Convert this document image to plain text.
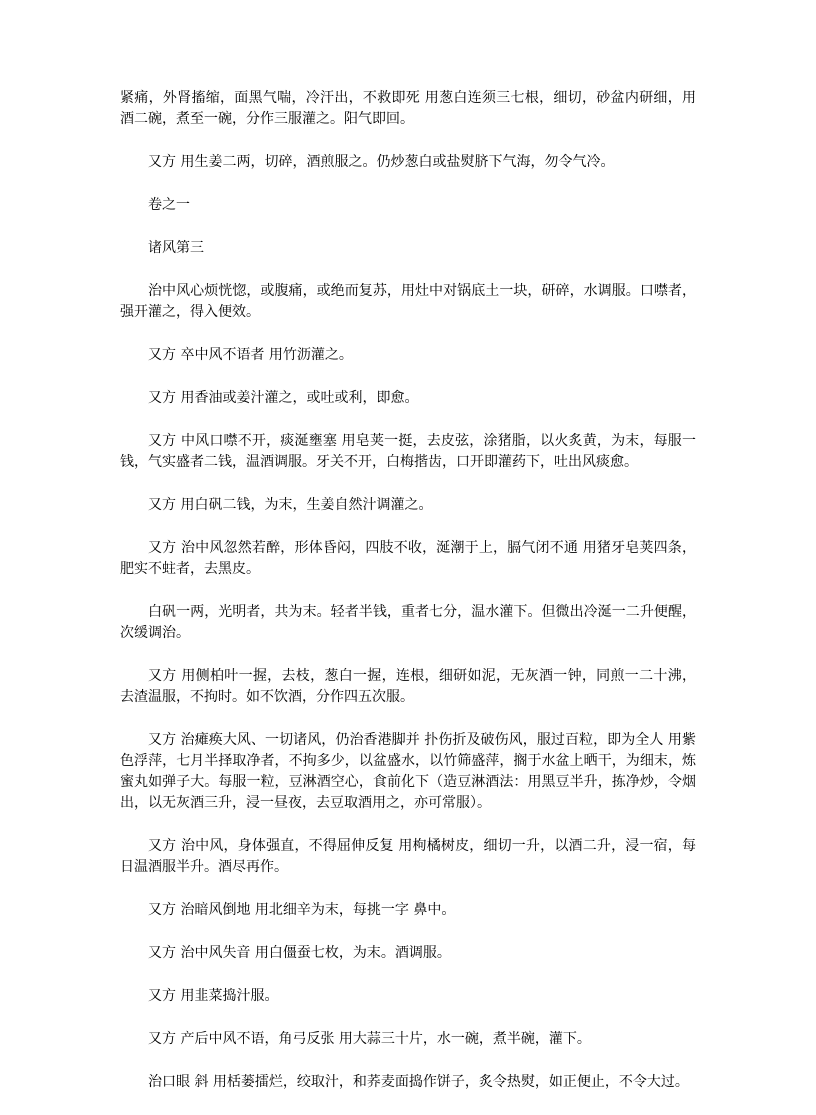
紧痛，外肾搐缩，面黑气喘，冷汗出，不救即死 用葱白连须三七根，细切，砂盆内研细，用酒二碗，煮至一碗，分作三服灌之。阳气即回。

又方 用生姜二两，切碎，酒煎服之。仍炒葱白或盐熨脐下气海，勿令气冷。

卷之一

诸风第三

治中风心烦恍惚，或腹痛，或绝而复苏，用灶中对锅底土一块，研碎，水调服。口噤者，强开灌之，得入便效。

又方 卒中风不语者 用竹沥灌之。

又方 用香油或姜汁灌之，或吐或利，即愈。

又方 中风口噤不开，痰涎壅塞 用皂荚一挺，去皮弦，涂猪脂，以火炙黄，为末，每服一钱，气实盛者二钱，温酒调服。牙关不开，白梅揩齿，口开即灌药下，吐出风痰愈。

又方 用白矾二钱，为末，生姜自然汁调灌之。

又方 治中风忽然若醉，形体昏闷，四肢不收，涎潮于上，膈气闭不通 用猪牙皂荚四条，肥实不蛀者，去黑皮。

白矾一两，光明者，共为末。轻者半钱，重者七分，温水灌下。但微出冷涎一二升便醒，次缓调治。

又方 用侧柏叶一握，去枝，葱白一握，连根，细研如泥，无灰酒一钟，同煎一二十沸，去渣温服，不拘时。如不饮酒，分作四五次服。

又方 治瘫痪大风、一切诸风，仍治香港脚并 扑伤折及破伤风，服过百粒，即为全人 用紫色浮萍，七月半择取净者，不拘多少，以盆盛水，以竹筛盛萍，搁于水盆上晒干，为细末，炼蜜丸如弹子大。每服一粒，豆淋酒空心，食前化下（造豆淋酒法：用黑豆半升，拣净炒，令烟出，以无灰酒三升，浸一昼夜，去豆取酒用之，亦可常服）。

又方 治中风，身体强直，不得屈伸反复 用枸橘树皮，细切一升，以酒二升，浸一宿，每日温酒服半升。酒尽再作。

又方 治暗风倒地 用北细辛为末，每挑一字 鼻中。

又方 治中风失音 用白僵蚕七枚，为末。酒调服。

又方 用韭菜捣汁服。

又方 产后中风不语，角弓反张 用大蒜三十片，水一碗，煮半碗，灌下。

治口眼 斜 用栝蒌擂烂，绞取汁，和荞麦面捣作饼子，炙令热熨，如正便止，不令大过。
